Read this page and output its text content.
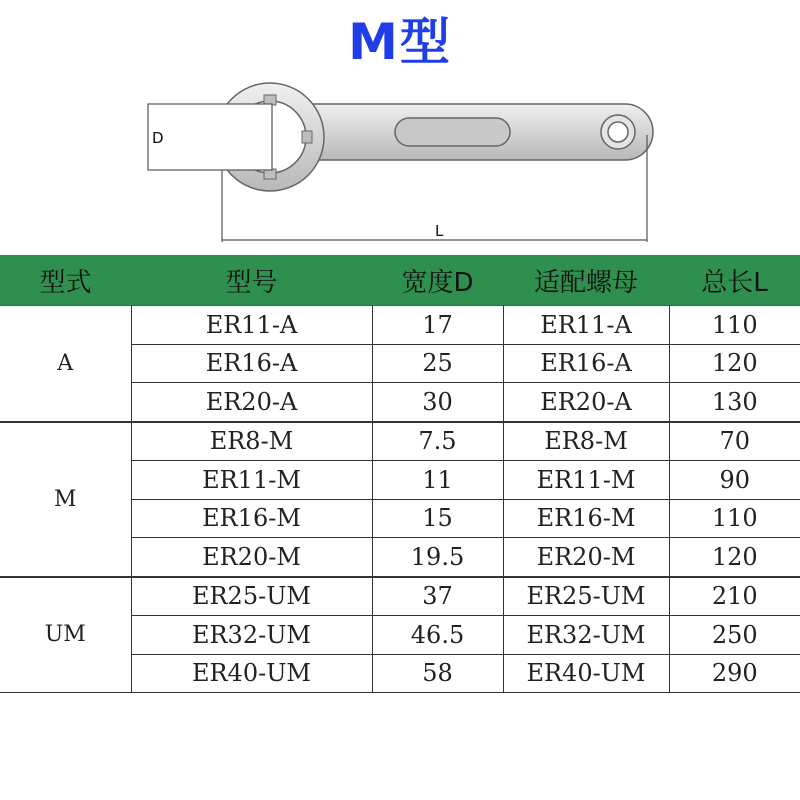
M型
D
L
型式	型号	宽度D	适配螺母	总长L
A	ER11-A	17	ER11-A	110
	ER16-A	25	ER16-A	120
	ER20-A	30	ER20-A	130
M	ER8-M	7.5	ER8-M	70
	ER11-M	11	ER11-M	90
	ER16-M	15	ER16-M	110
	ER20-M	19.5	ER20-M	120
UM	ER25-UM	37	ER25-UM	210
	ER32-UM	46.5	ER32-UM	250
	ER40-UM	58	ER40-UM	290
